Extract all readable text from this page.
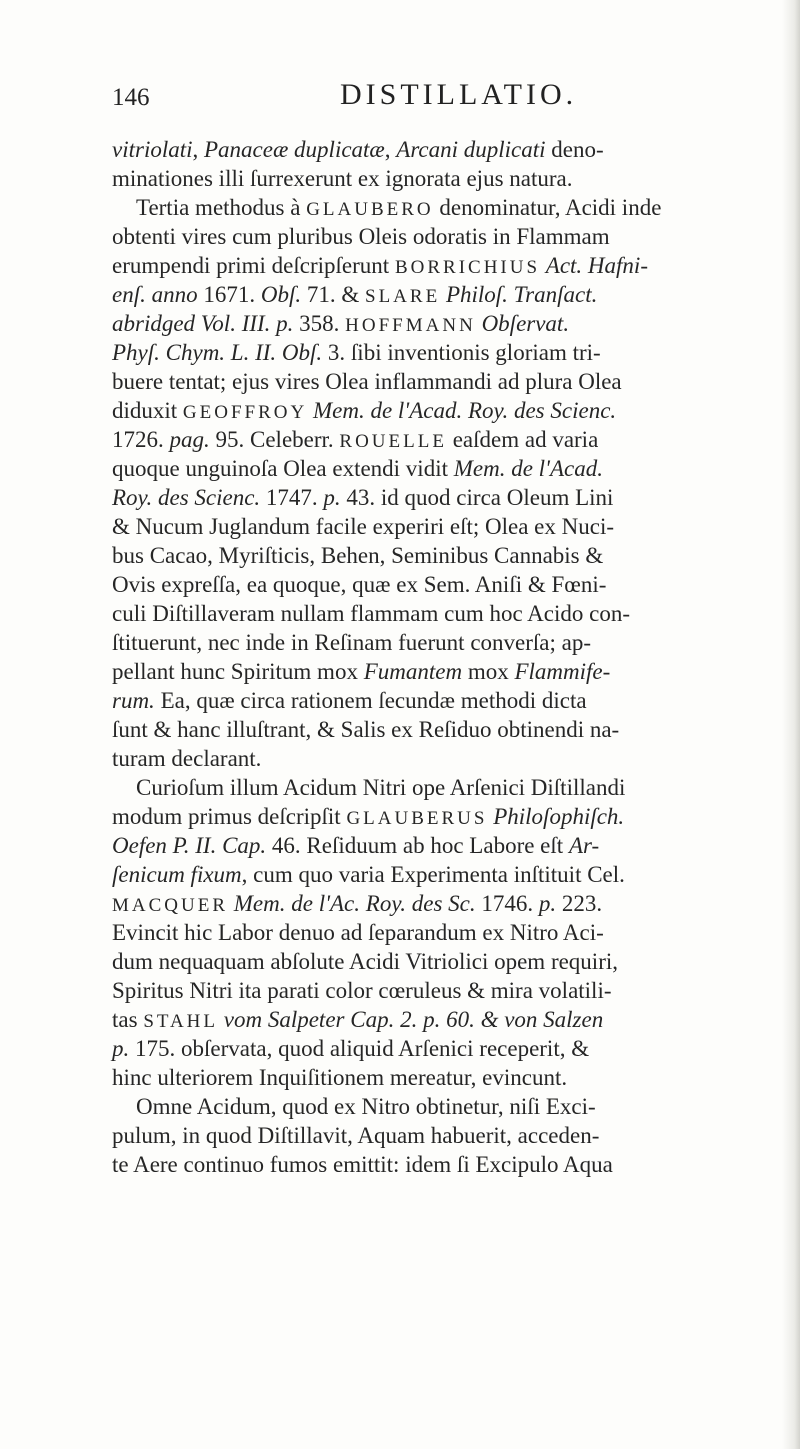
146	DISTILLATIO.
vitriolati, Panaceæ duplicatæ, Arcani duplicati deno-
minationes illi ſurrexerunt ex ignorata ejus natura.
Tertia methodus à GLAUBERO denominatur, Acidi inde
obtenti vires cum pluribus Oleis odoratis in Flammam
erumpendi primi deſcripſerunt BORRICHIUS Act. Hafni-
enſ. anno 1671. Obſ. 71. & SLARE Philoſ. Tranſact.
abridged Vol. III. p. 358. HOFFMANN Obſervat.
Phyſ. Chym. L. II. Obſ. 3. ſibi inventionis gloriam tri-
buere tentat; ejus vires Olea inflammandi ad plura Olea
diduxit GEOFFROY Mem. de l'Acad. Roy. des Scienc.
1726. pag. 95. Celeberr. ROUELLE eaſdem ad varia
quoque unguinoſa Olea extendi vidit Mem. de l'Acad.
Roy. des Scienc. 1747. p. 43. id quod circa Oleum Lini
& Nucum Juglandum facile experiri eſt; Olea ex Nuci-
bus Cacao, Myriſticis, Behen, Seminibus Cannabis &
Ovis expreſſa, ea quoque, quæ ex Sem. Aniſi & Fœni-
culi Diſtillaveram nullam flammam cum hoc Acido con-
ſtituerunt, nec inde in Reſinam fuerunt converſa; ap-
pellant hunc Spiritum mox Fumantem mox Flammife-
rum. Ea, quæ circa rationem ſecundæ methodi dicta
ſunt & hanc illuſtrant, & Salis ex Reſiduo obtinendi na-
turam declarant.
Curioſum illum Acidum Nitri ope Arſenici Diſtillandi
modum primus deſcripſit GLAUBERUS Philoſophiſch.
Oefen P. II. Cap. 46. Reſiduum ab hoc Labore eſt Ar-
ſenicum fixum, cum quo varia Experimenta inſtituit Cel.
MACQUER Mem. de l'Ac. Roy. des Sc. 1746. p. 223.
Evincit hic Labor denuo ad ſeparandum ex Nitro Aci-
dum nequaquam abſolute Acidi Vitriolici opem requiri,
Spiritus Nitri ita parati color cœruleus & mira volatili-
tas STAHL vom Salpeter Cap. 2. p. 60. & von Salzen
p. 175. obſervata, quod aliquid Arſenici receperit, &
hinc ulteriorem Inquiſitionem mereatur, evincunt.
Omne Acidum, quod ex Nitro obtinetur, niſi Exci-
pulum, in quod Diſtillavit, Aquam habuerit, acceden-
te Aere continuo fumos emittit: idem ſi Excipulo Aqua
